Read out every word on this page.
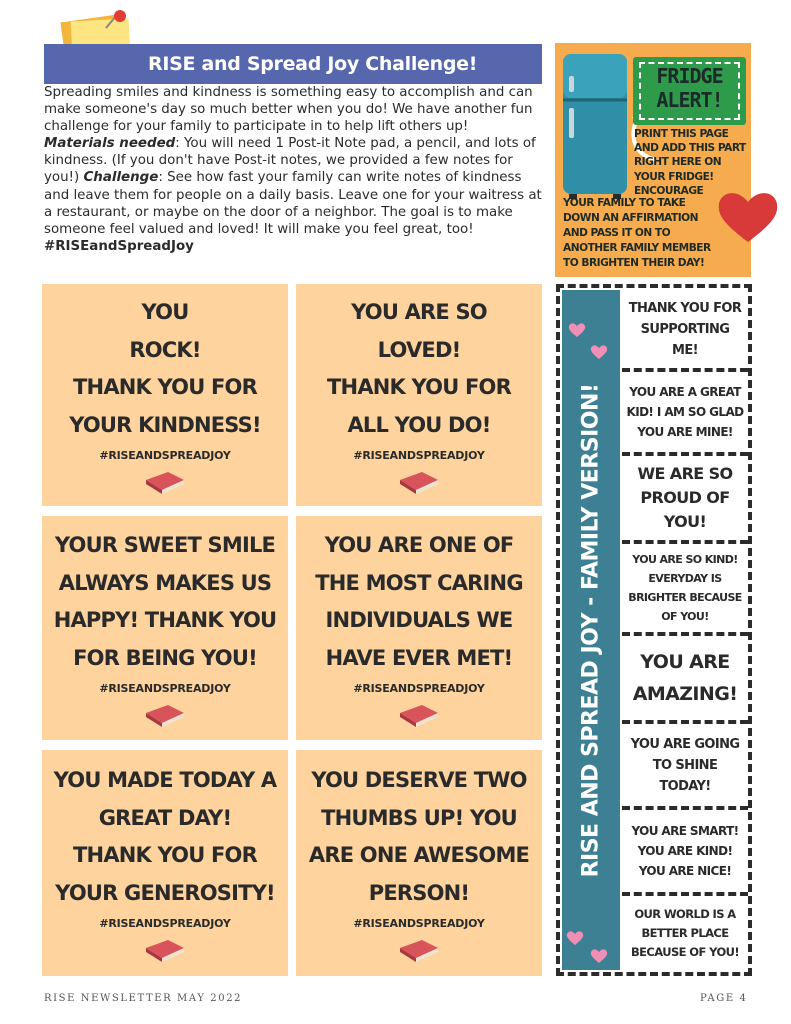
RISE and Spread Joy Challenge!

Spreading smiles and kindness is something easy to accomplish and can make someone's day so much better when you do! We have another fun challenge for your family to participate in to help lift others up!
Materials needed: You will need 1 Post-it Note pad, a pencil, and lots of kindness. (If you don't have Post-it notes, we provided a few notes for you!) Challenge: See how fast your family can write notes of kindness and leave them for people on a daily basis. Leave one for your waitress at a restaurant, or maybe on the door of a neighbor. The goal is to make someone feel valued and loved! It will make you feel great, too! #RISEandSpreadJoy

FRIDGE
ALERT!
PRINT THIS PAGE AND ADD THIS PART RIGHT HERE ON YOUR FRIDGE! ENCOURAGE
YOUR FAMILY TO TAKE DOWN AN AFFIRMATION AND PASS IT ON TO ANOTHER FAMILY MEMBER TO BRIGHTEN THEIR DAY!
YOU
ROCK!
THANK YOU FOR
YOUR KINDNESS!
#RISEANDSPREADJOY
YOU ARE SO
LOVED!
THANK YOU FOR
ALL YOU DO!
#RISEANDSPREADJOY
YOUR SWEET SMILE
ALWAYS MAKES US
HAPPY! THANK YOU
FOR BEING YOU!
#RISEANDSPREADJOY
YOU ARE ONE OF
THE MOST CARING
INDIVIDUALS WE
HAVE EVER MET!
#RISEANDSPREADJOY
YOU MADE TODAY A
GREAT DAY!
THANK YOU FOR
YOUR GENEROSITY!
#RISEANDSPREADJOY
YOU DESERVE TWO
THUMBS UP! YOU
ARE ONE AWESOME
PERSON!
#RISEANDSPREADJOY
RISE AND SPREAD JOY - FAMILY VERSION!
THANK YOU FOR
SUPPORTING
ME!
YOU ARE A GREAT
KID! I AM SO GLAD
YOU ARE MINE!
WE ARE SO
PROUD OF
YOU!
YOU ARE SO KIND!
EVERYDAY IS
BRIGHTER BECAUSE
OF YOU!
YOU ARE
AMAZING!
YOU ARE GOING
TO SHINE
TODAY!
YOU ARE SMART!
YOU ARE KIND!
YOU ARE NICE!
OUR WORLD IS A
BETTER PLACE
BECAUSE OF YOU!
RISE NEWSLETTER MAY 2022	PAGE 4
